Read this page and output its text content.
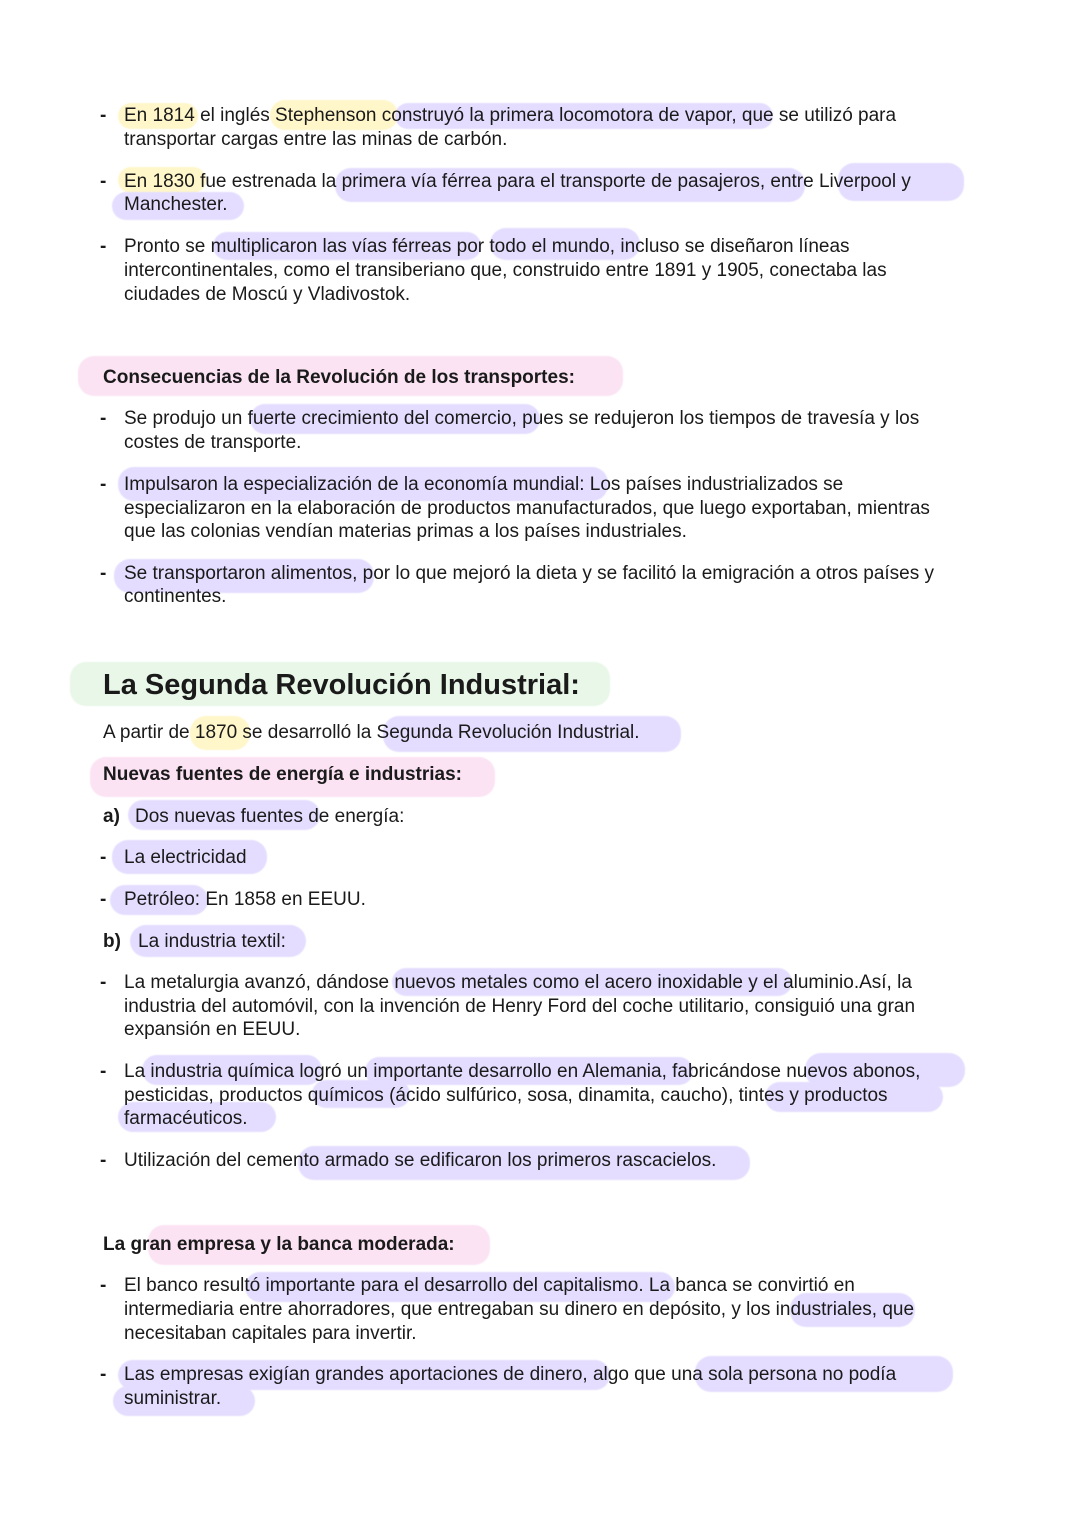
- En 1814 el inglés Stephenson construyó la primera locomotora de vapor, que se utilizó para
transportar cargas entre las minas de carbón.
- En 1830 fue estrenada la primera vía férrea para el transporte de pasajeros, entre Liverpool y
Manchester.
- Pronto se multiplicaron las vías férreas por todo el mundo, incluso se diseñaron líneas
intercontinentales, como el transiberiano que, construido entre 1891 y 1905, conectaba las
ciudades de Moscú y Vladivostok.
Consecuencias de la Revolución de los transportes:
- Se produjo un fuerte crecimiento del comercio, pues se redujeron los tiempos de travesía y los
costes de transporte.
- Impulsaron la especialización de la economía mundial: Los países industrializados se
especializaron en la elaboración de productos manufacturados, que luego exportaban, mientras
que las colonias vendían materias primas a los países industriales.
- Se transportaron alimentos, por lo que mejoró la dieta y se facilitó la emigración a otros países y
continentes.
La Segunda Revolución Industrial:
A partir de 1870 se desarrolló la Segunda Revolución Industrial.
Nuevas fuentes de energía e industrias:
a) Dos nuevas fuentes de energía:
- La electricidad
- Petróleo: En 1858 en EEUU.
b) La industria textil:
- La metalurgia avanzó, dándose nuevos metales como el acero inoxidable y el aluminio.Así, la
industria del automóvil, con la invención de Henry Ford del coche utilitario, consiguió una gran
expansión en EEUU.
- La industria química logró un importante desarrollo en Alemania, fabricándose nuevos abonos,
pesticidas, productos químicos (ácido sulfúrico, sosa, dinamita, caucho), tintes y productos
farmacéuticos.
- Utilización del cemento armado se edificaron los primeros rascacielos.
La gran empresa y la banca moderada:
- El banco resultó importante para el desarrollo del capitalismo. La banca se convirtió en
intermediaria entre ahorradores, que entregaban su dinero en depósito, y los industriales, que
necesitaban capitales para invertir.
- Las empresas exigían grandes aportaciones de dinero, algo que una sola persona no podía
suministrar.
